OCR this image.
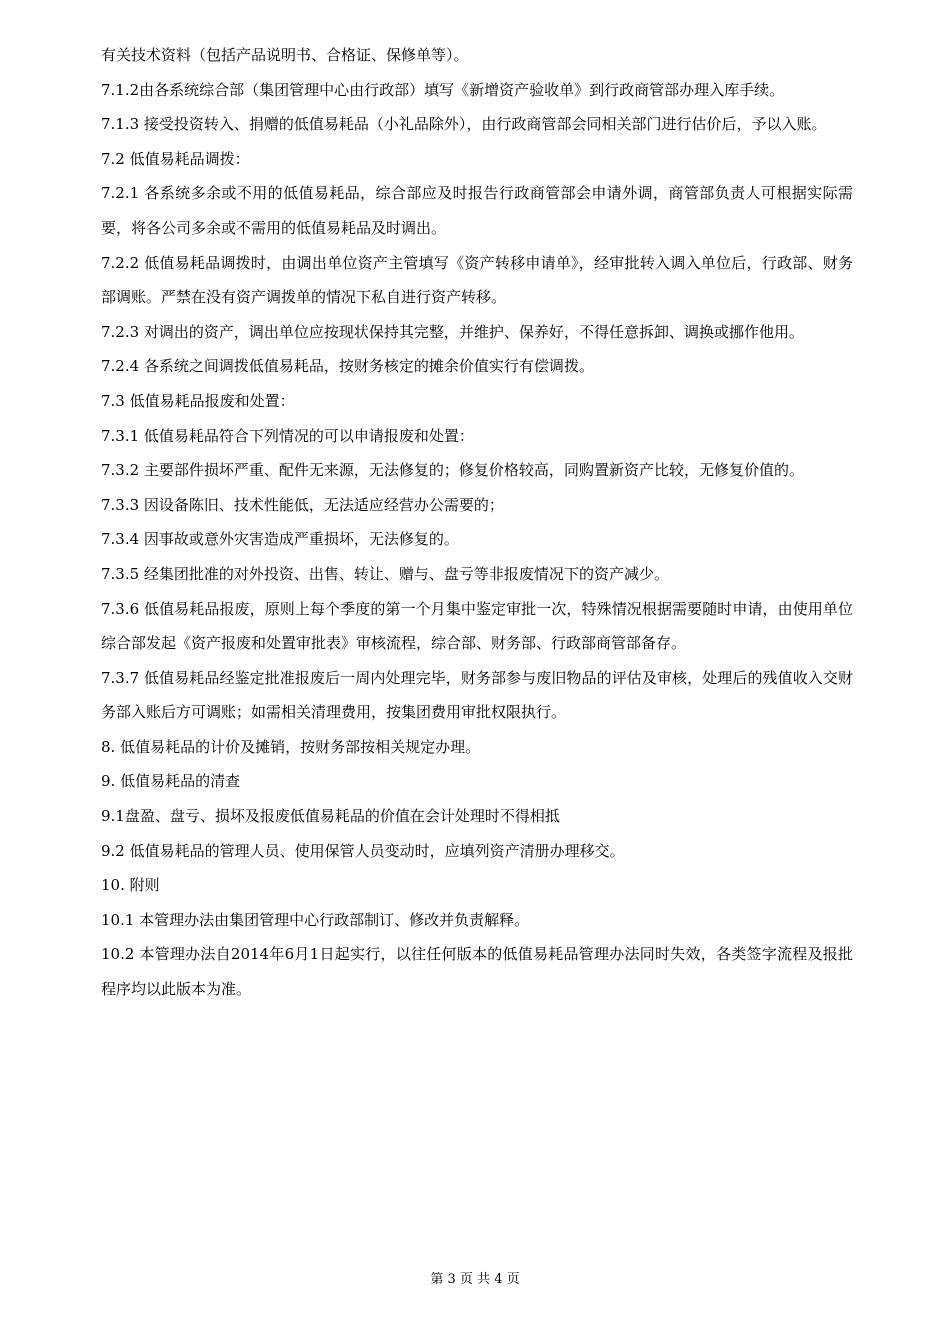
有关技术资料（包括产品说明书、合格证、保修单等）。

7.1.2由各系统综合部（集团管理中心由行政部）填写《新增资产验收单》到行政商管部办理入库手续。

7.1.3 接受投资转入、捐赠的低值易耗品（小礼品除外），由行政商管部会同相关部门进行估价后，予以入账。

7.2 低值易耗品调拨：

7.2.1 各系统多余或不用的低值易耗品，综合部应及时报告行政商管部会申请外调，商管部负责人可根据实际需要，将各公司多余或不需用的低值易耗品及时调出。

7.2.2 低值易耗品调拨时，由调出单位资产主管填写《资产转移申请单》，经审批转入调入单位后，行政部、财务部调账。严禁在没有资产调拨单的情况下私自进行资产转移。

7.2.3 对调出的资产，调出单位应按现状保持其完整，并维护、保养好，不得任意拆卸、调换或挪作他用。

7.2.4 各系统之间调拨低值易耗品，按财务核定的摊余价值实行有偿调拨。

7.3 低值易耗品报废和处置：

7.3.1 低值易耗品符合下列情况的可以申请报废和处置：

7.3.2 主要部件损坏严重、配件无来源，无法修复的；修复价格较高，同购置新资产比较，无修复价值的。

7.3.3 因设备陈旧、技术性能低，无法适应经营办公需要的；

7.3.4 因事故或意外灾害造成严重损坏，无法修复的。

7.3.5 经集团批准的对外投资、出售、转让、赠与、盘亏等非报废情况下的资产减少。

7.3.6 低值易耗品报废，原则上每个季度的第一个月集中鉴定审批一次，特殊情况根据需要随时申请，由使用单位综合部发起《资产报废和处置审批表》审核流程，综合部、财务部、行政部商管部备存。

7.3.7 低值易耗品经鉴定批准报废后一周内处理完毕，财务部参与废旧物品的评估及审核，处理后的残值收入交财务部入账后方可调账；如需相关清理费用，按集团费用审批权限执行。

8. 低值易耗品的计价及摊销，按财务部按相关规定办理。

9. 低值易耗品的清查

9.1盘盈、盘亏、损坏及报废低值易耗品的价值在会计处理时不得相抵

9.2 低值易耗品的管理人员、使用保管人员变动时，应填列资产清册办理移交。

10. 附则

10.1 本管理办法由集团管理中心行政部制订、修改并负责解释。

10.2 本管理办法自2014年6月1日起实行，以往任何版本的低值易耗品管理办法同时失效，各类签字流程及报批程序均以此版本为准。

第 3 页 共 4 页
